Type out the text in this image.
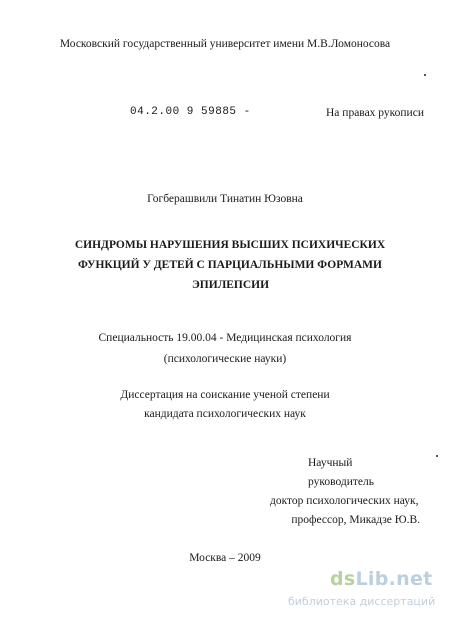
Московский государственный университет имени М.В.Ломоносова
04.2.00 9 59885 -	На правах рукописи
Гогберашвили Тинатин Юзовна
СИНДРОМЫ НАРУШЕНИЯ ВЫСШИХ ПСИХИЧЕСКИХ
ФУНКЦИЙ У ДЕТЕЙ С ПАРЦИАЛЬНЫМИ ФОРМАМИ
ЭПИЛЕПСИИ
Специальность 19.00.04 - Медицинская психология
(психологические науки)
Диссертация на соискание ученой степени
кандидата психологических наук
Научный руководитель
доктор психологических наук,
профессор, Микадзе Ю.В.
Москва – 2009
dsLib.net
библиотека диссертаций
